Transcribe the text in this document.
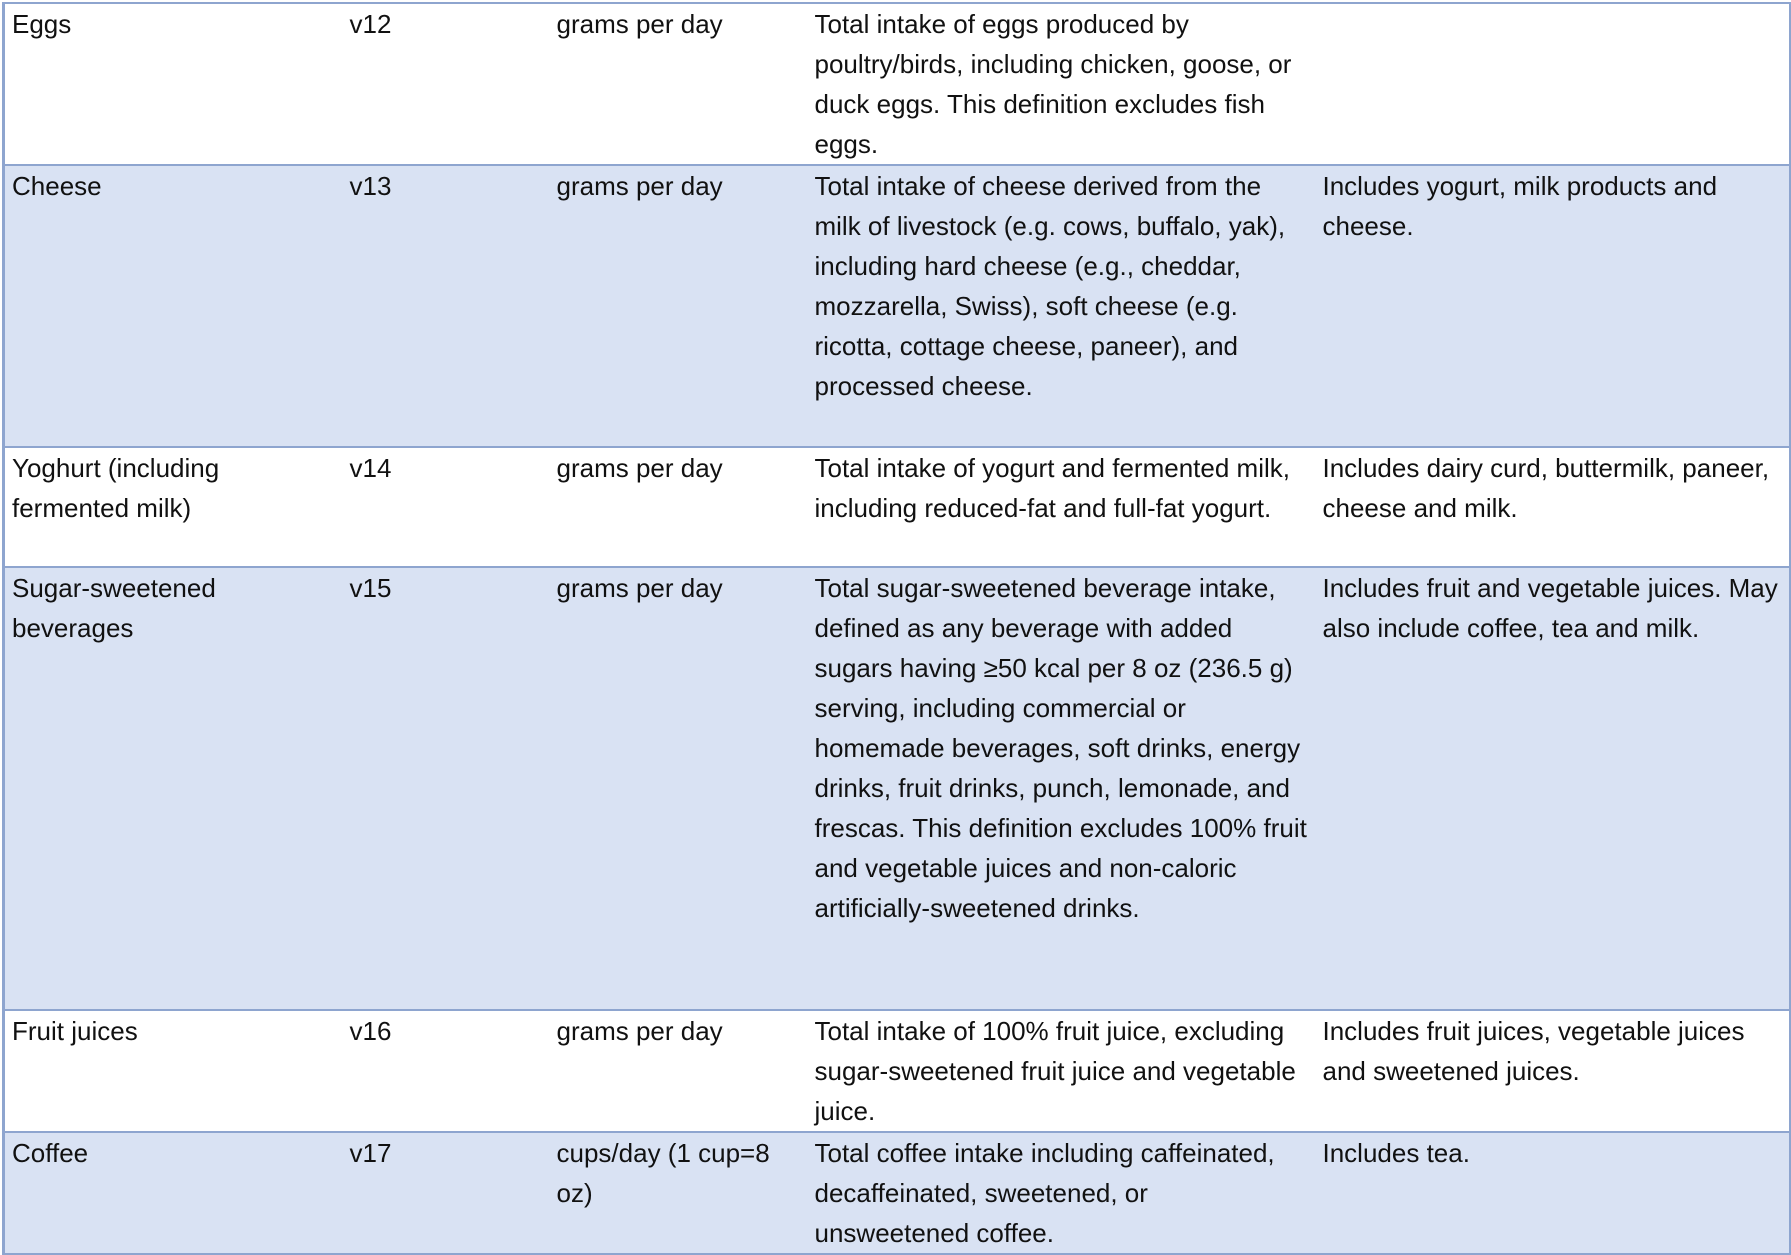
Eggs	v12	grams per day	Total intake of eggs produced by poultry/birds, including chicken, goose, or duck eggs. This definition excludes fish eggs.	
Cheese	v13	grams per day	Total intake of cheese derived from the milk of livestock (e.g. cows, buffalo, yak), including hard cheese (e.g., cheddar, mozzarella, Swiss), soft cheese (e.g. ricotta, cottage cheese, paneer), and processed cheese.	Includes yogurt, milk products and cheese.
Yoghurt (including fermented milk)	v14	grams per day	Total intake of yogurt and fermented milk, including reduced-fat and full-fat yogurt.	Includes dairy curd, buttermilk, paneer, cheese and milk.
Sugar-sweetened beverages	v15	grams per day	Total sugar-sweetened beverage intake, defined as any beverage with added sugars having ≥50 kcal per 8 oz (236.5 g) serving, including commercial or homemade beverages, soft drinks, energy drinks, fruit drinks, punch, lemonade, and frescas. This definition excludes 100% fruit and vegetable juices and non-caloric artificially-sweetened drinks.	Includes fruit and vegetable juices. May also include coffee, tea and milk.
Fruit juices	v16	grams per day	Total intake of 100% fruit juice, excluding sugar-sweetened fruit juice and vegetable juice.	Includes fruit juices, vegetable juices and sweetened juices.
Coffee	v17	cups/day (1 cup=8 oz)	Total coffee intake including caffeinated, decaffeinated, sweetened, or unsweetened coffee.	Includes tea.
